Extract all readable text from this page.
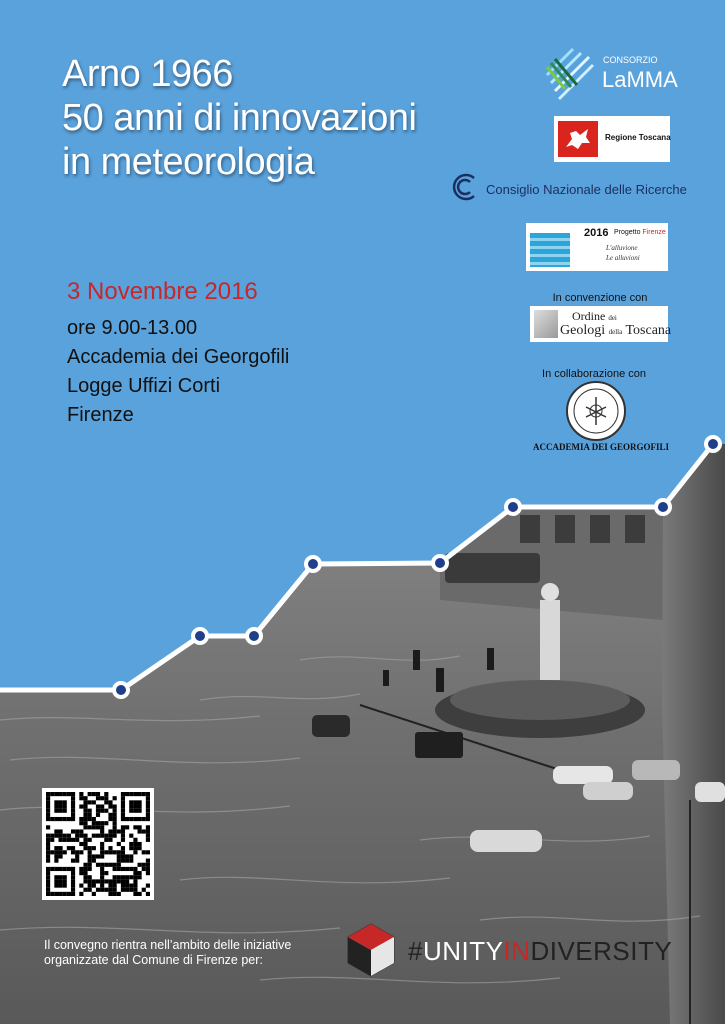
Arno 1966
50 anni di innovazioni
in meteorologia
3 Novembre 2016
ore 9.00-13.00
Accademia dei Georgofili
Logge Uffizi Corti
Firenze
CONSORZIO
LaMMA
Regione Toscana
Consiglio Nazionale delle Ricerche
2016 Progetto Firenze
L'alluvione
Le alluvioni
In convenzione con
Ordine dei
Geologi della Toscana
In collaborazione con
ACCADEMIA DEI GEORGOFILI
Il convegno rientra nell’ambito delle iniziative
organizzate dal Comune di Firenze per:	#UNITYINDIVERSITY
